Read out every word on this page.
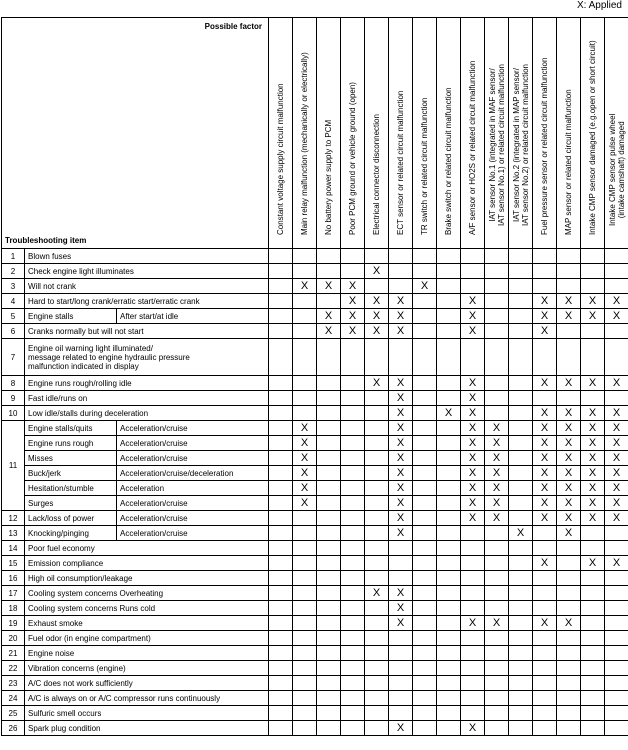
X: Applied
Possible factor
Troubleshooting item			Constant voltage supply circuit malfunction	Main relay malfunction (mechanically or electrically)	No battery power supply to PCM	Poor PCM ground or vehicle ground (open)	Electrical connector disconnection	ECT sensor or related circuit malfunction	TR switch or related circuit malfunction	Brake switch or related circuit malfunction	A/F sensor or HO2S or related circuit malfunction	IAT sensor No.1 (integrated in MAF sensor/
IAT sensor No.1) or related circuit malfunction	IAT sensor No.2 (integrated in MAP sensor/
IAT sensor No.2) or related circuit malfunction	Fuel pressure sensor or related circuit malfunction	MAP sensor or related circuit malfunction	Intake CMP sensor damaged (e.g.open or short circuit)	Intake CMP sensor pulse wheel
(intake camshaft) damaged

1	Blown fuses																
2	Check engine light illuminates						X										
3	Will not crank			X	X	X			X								
4	Hard to start/long crank/erratic start/erratic crank					X	X	X			X			X	X	X	X
5	Engine stalls	After start/at idle			X	X	X	X			X			X	X	X	X
6	Cranks normally but will not start				X	X	X	X			X			X			
7	Engine oil warning light illuminated/
message related to engine hydraulic pressure
malfunction indicated in display																
8	Engine runs rough/rolling idle						X	X			X			X	X	X	X
9	Fast idle/runs on							X			X						
10	Low idle/stalls during deceleration							X		X	X			X	X	X	X
11	Engine stalls/quits	Acceleration/cruise		X				X			X	X		X	X	X	X
	Engine runs rough	Acceleration/cruise		X				X			X	X		X	X	X	X
	Misses	Acceleration/cruise		X				X			X	X		X	X	X	X
	Buck/jerk	Acceleration/cruise/deceleration		X				X			X	X		X	X	X	X
	Hesitation/stumble	Acceleration		X				X			X	X		X	X	X	X
	Surges	Acceleration/cruise		X				X			X	X		X	X	X	X
12	Lack/loss of power	Acceleration/cruise						X			X	X		X	X	X	X
13	Knocking/pinging	Acceleration/cruise						X					X		X		
14	Poor fuel economy																
15	Emission compliance													X		X	X
16	High oil consumption/leakage																
17	Cooling system concerns	Overheating					X	X									
18	Cooling system concerns	Runs cold						X									
19	Exhaust smoke							X			X	X		X	X		
20	Fuel odor (in engine compartment)																
21	Engine noise																
22	Vibration concerns (engine)																
23	A/C does not work sufficiently																
24	A/C is always on or A/C compressor runs continuously																
25	Sulfuric smell occurs																
26	Spark plug condition							X			X						
